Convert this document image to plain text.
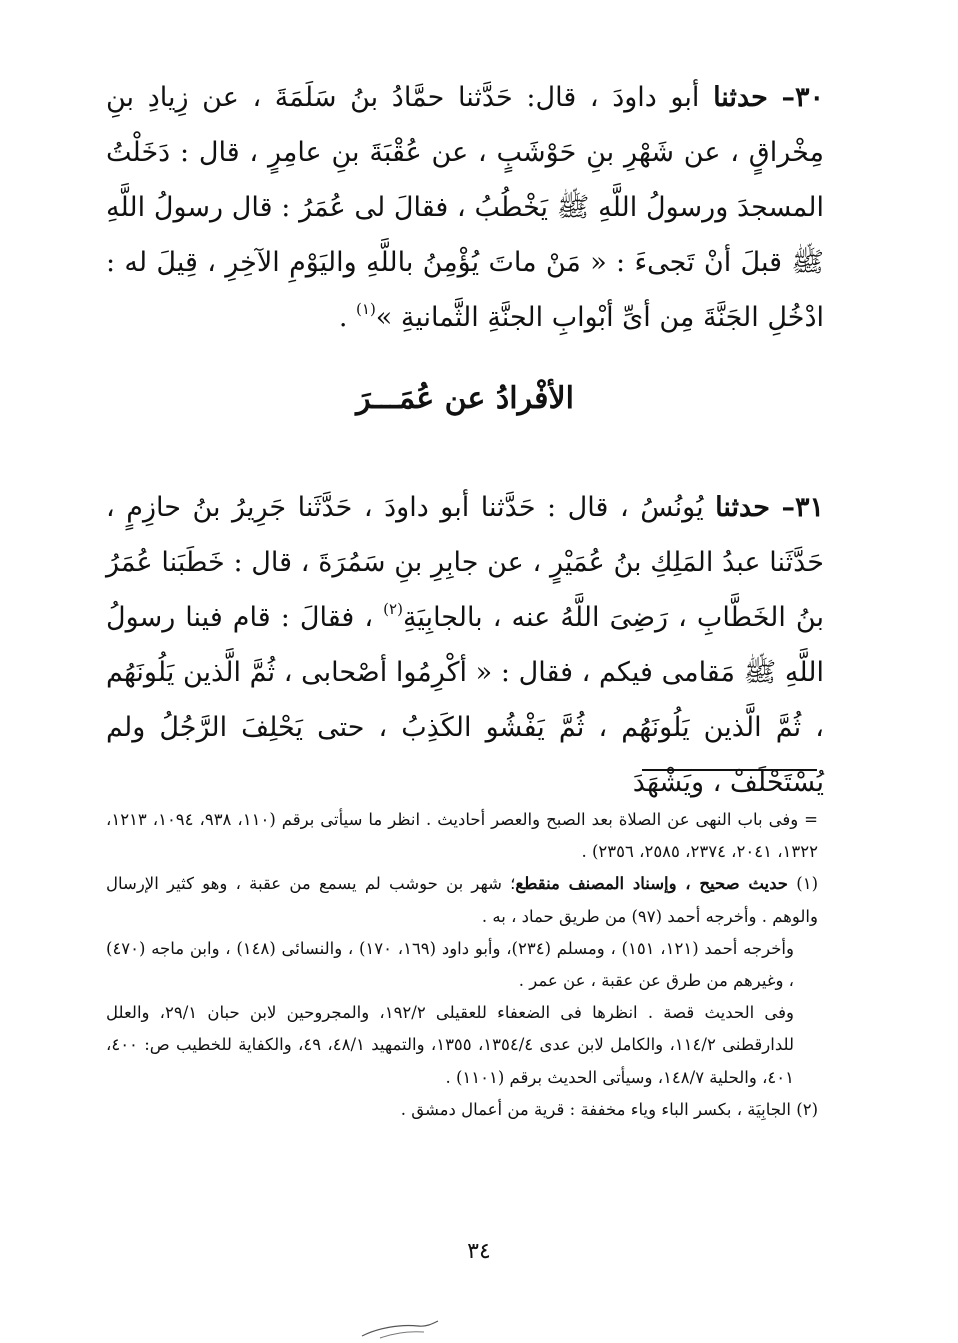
٣٠– حدثنا أبو داودَ ، قال: حَدَّثنا حمَّادُ بنُ سَلَمَةَ ، عن زِيادِ بنِ مِخْراقٍ ، عن شَهْرِ بنِ حَوْشَبٍ ، عن عُقْبَةَ بنِ عامِرٍ ، قال : دَخَلْتُ المسجدَ ورسولُ اللَّهِ ﷺ يَخْطُبُ ، فقالَ لى عُمَرُ : قال رسولُ اللَّهِ ﷺ قبلَ أنْ تَجىءَ : « مَنْ ماتَ يُؤْمِنُ باللَّهِ واليَوْمِ الآخِرِ ، قِيلَ له : ادْخُلِ الجَنَّةَ مِن أىِّ أبْوابِ الجنَّةِ الثَّمانيةِ »$^{(١)}$ .

الأفْرادُ عن عُمَـــرَ

٣١– حدثنا يُونُسُ ، قال : حَدَّثنا أبو داودَ ، حَدَّثَنا جَرِيرُ بنُ حازِمٍ ، حَدَّثَنا عبدُ المَلِكِ بنُ عُمَيْرٍ ، عن جابِرِ بنِ سَمُرَةَ ، قال : خَطَبَنا عُمَرُ بنُ الخَطَّابِ ، رَضِىَ اللَّهُ عنه ، بالجابِيَةِ$^{(٢)}$ ، فقالَ : قام فينا رسولُ اللَّهِ ﷺ مَقامى فيكم ، فقال : « أكْرِمُوا أصْحابى ، ثُمَّ الَّذين يَلُونَهُم ، ثُمَّ الَّذين يَلُونَهُم ، ثُمَّ يَفْشُو الكَذِبُ ، حتى يَحْلِفَ الرَّجُلُ ولم يُسْتَحْلَفْ ، ويَشْهَدَ

= وفى باب النهى عن الصلاة بعد الصبح والعصر أحاديث . انظر ما سيأتى برقم (١١٠، ٩٣٨، ١٠٩٤، ١٢١٣، ١٣٢٢، ٢٠٤١، ٢٣٧٤، ٢٥٨٥، ٢٣٥٦) .

(١) حديث صحيح ، وإسناد المصنف منقطع؛ شهر بن حوشب لم يسمع من عقبة ، وهو كثير الإرسال والوهم . وأخرجه أحمد (٩٧) من طريق حماد ، به .

وأخرجه أحمد (١٢١، ١٥١) ، ومسلم (٢٣٤)، وأبو داود (١٦٩، ١٧٠) ، والنسائى (١٤٨) ، وابن ماجه (٤٧٠) ، وغيرهم من طرق عن عقبة ، عن عمر .

وفى الحديث قصة . انظرها فى الضعفاء للعقيلى ١٩٢/٢، والمجروحين لابن حبان ٢٩/١، والعلل للدارقطنى ١١٤/٢، والكامل لابن عدى ١٣٥٤/٤، ١٣٥٥، والتمهيد ٤٨/١، ٤٩، والكفاية للخطيب ص: ٤٠٠، ٤٠١، والحلية ١٤٨/٧، وسيأتى الحديث برقم (١١٠١) .

(٢) الجابِيَة ، بكسر الباء وياء مخففة : قرية من أعمال دمشق .

٣٤
